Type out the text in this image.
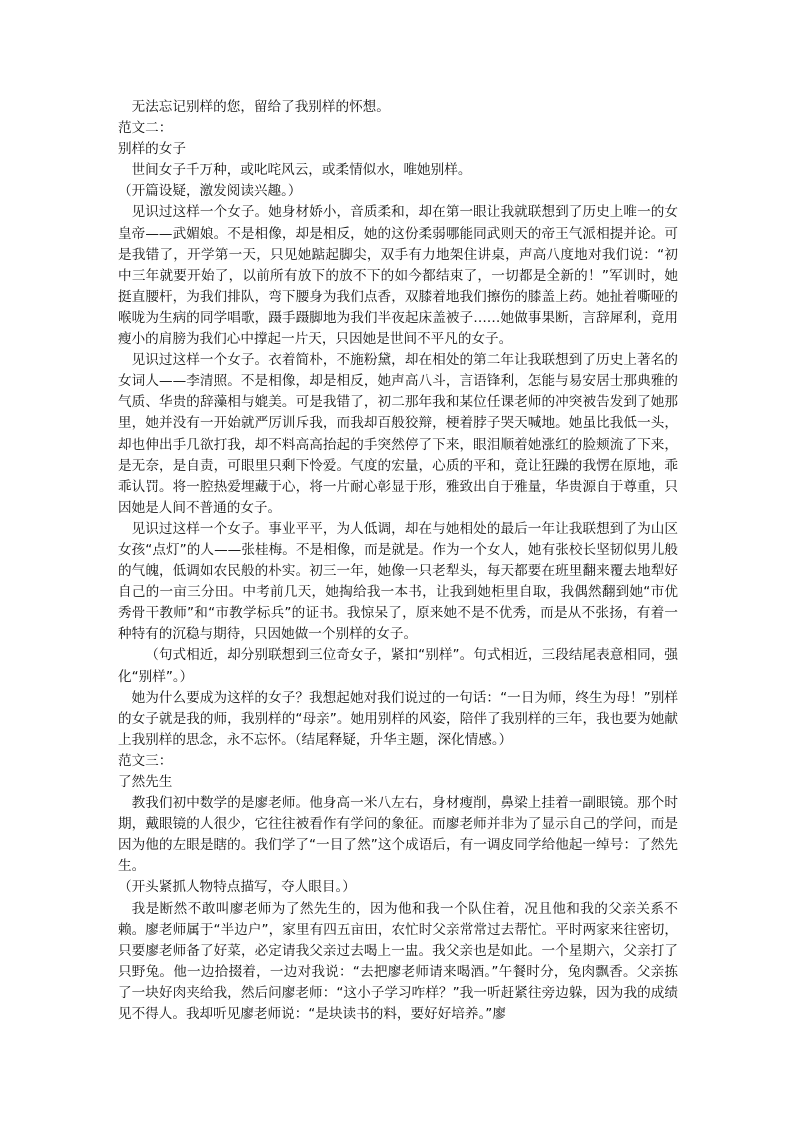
无法忘记别样的您，留给了我别样的怀想。

范文二：

别样的女子

世间女子千万种，或叱咤风云，或柔情似水，唯她别样。

（开篇设疑，激发阅读兴趣。）

见识过这样一个女子。她身材娇小，音质柔和，却在第一眼让我就联想到了历史上唯一的女皇帝——武媚娘。不是相像，却是相反，她的这份柔弱哪能同武则天的帝王气派相提并论。可是我错了，开学第一天，只见她踮起脚尖，双手有力地架住讲桌，声高八度地对我们说：“初中三年就要开始了，以前所有放下的放不下的如今都结束了，一切都是全新的！”军训时，她挺直腰杆，为我们排队，弯下腰身为我们点香，双膝着地我们擦伤的膝盖上药。她扯着嘶哑的喉咙为生病的同学唱歌，蹑手蹑脚地为我们半夜起床盖被子……她做事果断，言辞犀利，竟用瘦小的肩膀为我们心中撑起一片天，只因她是世间不平凡的女子。

见识过这样一个女子。衣着简朴，不施粉黛，却在相处的第二年让我联想到了历史上著名的女词人——李清照。不是相像，却是相反，她声高八斗，言语锋利，怎能与易安居士那典雅的气质、华贵的辞藻相与媲美。可是我错了，初二那年我和某位任课老师的冲突被告发到了她那里，她并没有一开始就严厉训斥我，而我却百般狡辩，梗着脖子哭天喊地。她虽比我低一头，却也伸出手几欲打我，却不料高高抬起的手突然停了下来，眼泪顺着她涨红的脸颊流了下来，是无奈，是自责，可眼里只剩下怜爱。气度的宏量，心质的平和，竟让狂躁的我愣在原地，乖乖认罚。将一腔热爱埋藏于心，将一片耐心彰显于形，雅致出自于雅量，华贵源自于尊重，只因她是人间不普通的女子。

见识过这样一个女子。事业平平，为人低调，却在与她相处的最后一年让我联想到了为山区女孩“点灯”的人——张桂梅。不是相像，而是就是。作为一个女人，她有张校长坚韧似男儿般的气魄，低调如农民般的朴实。初三一年，她像一只老犁头，每天都要在班里翻来覆去地犁好自己的一亩三分田。中考前几天，她掏给我一本书，让我到她柜里自取，我偶然翻到她“市优秀骨干教师”和“市教学标兵”的证书。我惊呆了，原来她不是不优秀，而是从不张扬，有着一种特有的沉稳与期待，只因她做一个别样的女子。

（句式相近，却分别联想到三位奇女子，紧扣“别样”。句式相近，三段结尾表意相同，强化“别样”。）

她为什么要成为这样的女子？我想起她对我们说过的一句话：“一日为师，终生为母！”别样的女子就是我的师，我别样的“母亲”。她用别样的风姿，陪伴了我别样的三年，我也要为她献上我别样的思念，永不忘怀。（结尾释疑，升华主题，深化情感。）

范文三：

了然先生

教我们初中数学的是廖老师。他身高一米八左右，身材瘦削，鼻梁上挂着一副眼镜。那个时期，戴眼镜的人很少，它往往被看作有学问的象征。而廖老师并非为了显示自己的学问，而是因为他的左眼是瞎的。我们学了“一目了然”这个成语后，有一调皮同学给他起一绰号：了然先生。

（开头紧抓人物特点描写，夺人眼目。）

我是断然不敢叫廖老师为了然先生的，因为他和我一个队住着，况且他和我的父亲关系不赖。廖老师属于“半边户”，家里有四五亩田，农忙时父亲常常过去帮忙。平时两家来往密切，只要廖老师备了好菜，必定请我父亲过去喝上一盅。我父亲也是如此。一个星期六，父亲打了只野兔。他一边拾掇着，一边对我说：“去把廖老师请来喝酒。”午餐时分，兔肉飘香。父亲拣了一块好肉夹给我，然后问廖老师：“这小子学习咋样？”我一听赶紧往旁边躲，因为我的成绩见不得人。我却听见廖老师说：“是块读书的料，要好好培养。”廖
